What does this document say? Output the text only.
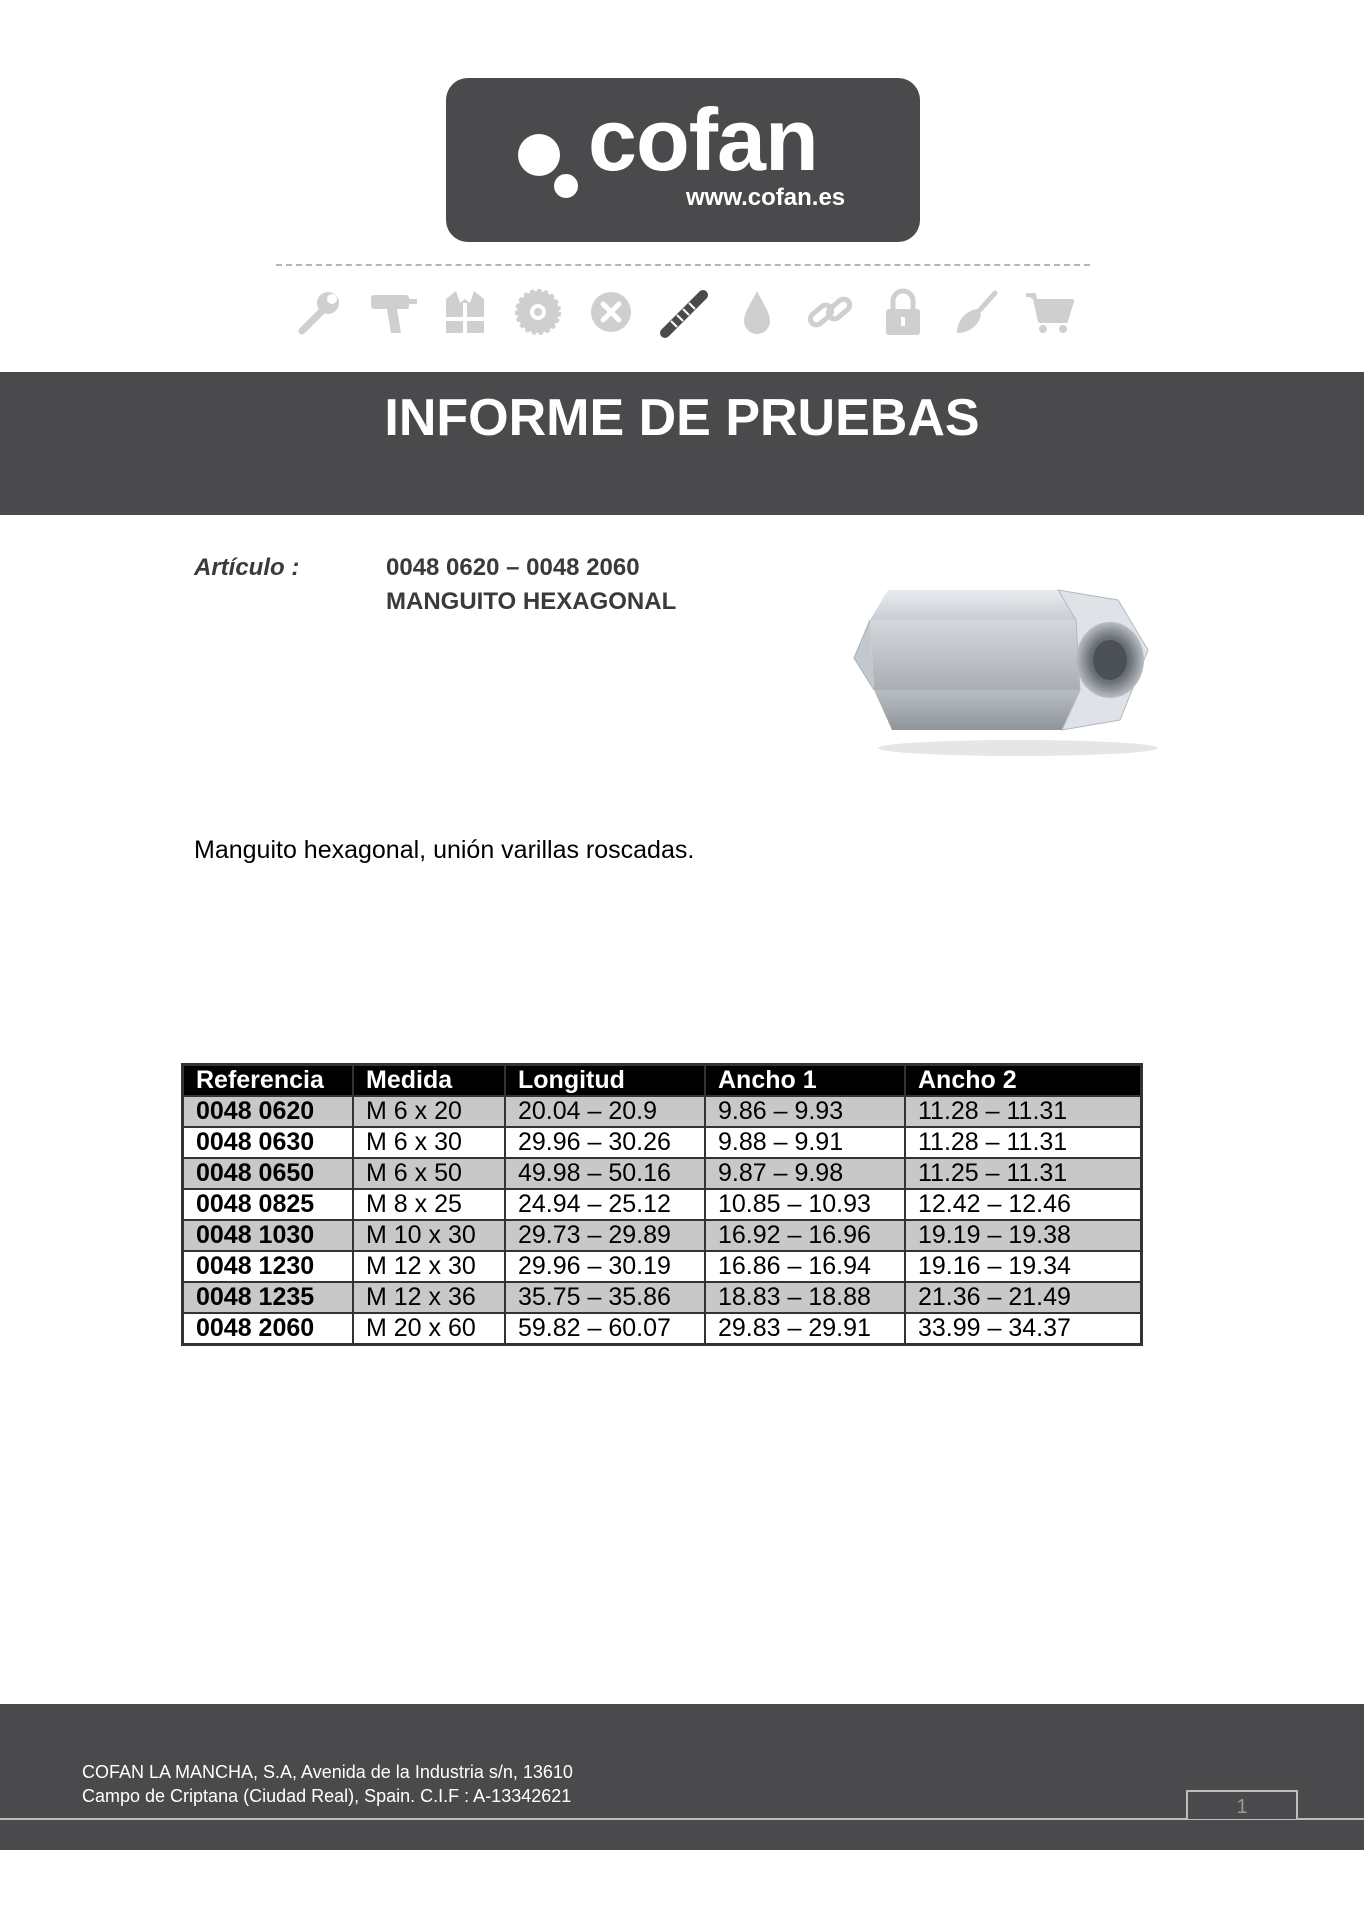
cofan
www.cofan.es
INFORME DE PRUEBAS
Artículo :	0048 0620 – 0048 2060
MANGUITO HEXAGONAL
Manguito hexagonal, unión varillas roscadas.
Referencia	Medida	Longitud	Ancho 1	Ancho 2
0048 0620	M 6 x 20	20.04 – 20.9	9.86 – 9.93	11.28 – 11.31
0048 0630	M 6 x 30	29.96 – 30.26	9.88 – 9.91	11.28 – 11.31
0048 0650	M 6 x 50	49.98 – 50.16	9.87 – 9.98	11.25 – 11.31
0048 0825	M 8 x 25	24.94 – 25.12	10.85 – 10.93	12.42 – 12.46
0048 1030	M 10 x 30	29.73 – 29.89	16.92 – 16.96	19.19 – 19.38
0048 1230	M 12 x 30	29.96 – 30.19	16.86 – 16.94	19.16 – 19.34
0048 1235	M 12 x 36	35.75 – 35.86	18.83 – 18.88	21.36 – 21.49
0048 2060	M 20 x 60	59.82 – 60.07	29.83 – 29.91	33.99 – 34.37
COFAN LA MANCHA, S.A, Avenida de la Industria s/n, 13610
Campo de Criptana (Ciudad Real), Spain. C.I.F : A-13342621	1
